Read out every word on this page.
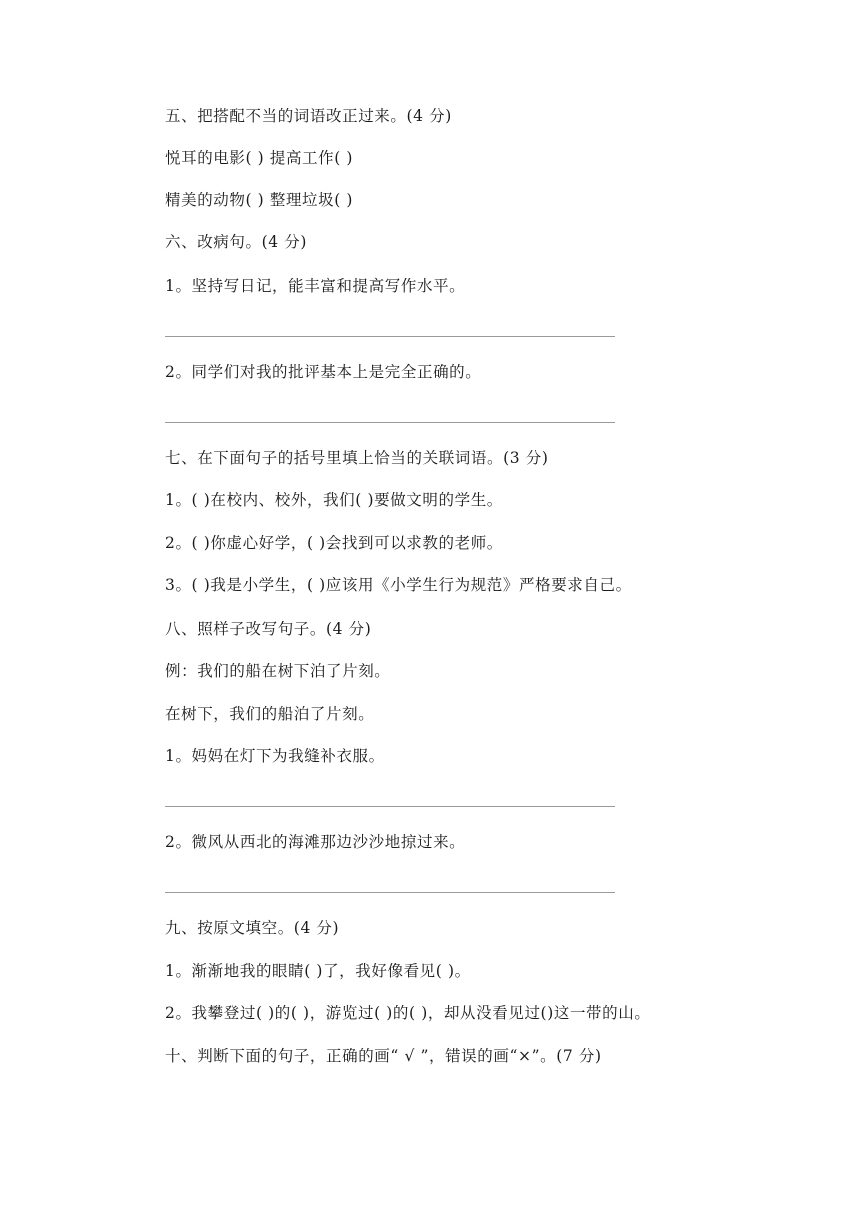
五、把搭配不当的词语改正过来。(4 分)
悦耳的电影( ) 提高工作( )
精美的动物( ) 整理垃圾( )
六、改病句。(4 分)
1。坚持写日记，能丰富和提高写作水平。
2。同学们对我的批评基本上是完全正确的。
七、在下面句子的括号里填上恰当的关联词语。(3 分)
1。( )在校内、校外，我们( )要做文明的学生。
2。( )你虚心好学，( )会找到可以求教的老师。
3。( )我是小学生，( )应该用《小学生行为规范》严格要求自己。
八、照样子改写句子。(4 分)
例：我们的船在树下泊了片刻。
在树下，我们的船泊了片刻。
1。妈妈在灯下为我缝补衣服。
2。微风从西北的海滩那边沙沙地掠过来。
九、按原文填空。(4 分)
1。渐渐地我的眼睛( )了，我好像看见( )。
2。我攀登过( )的( )，游览过( )的( )，却从没看见过()这一带的山。
十、判断下面的句子，正确的画“ √ ”，错误的画“×”。(7 分)
